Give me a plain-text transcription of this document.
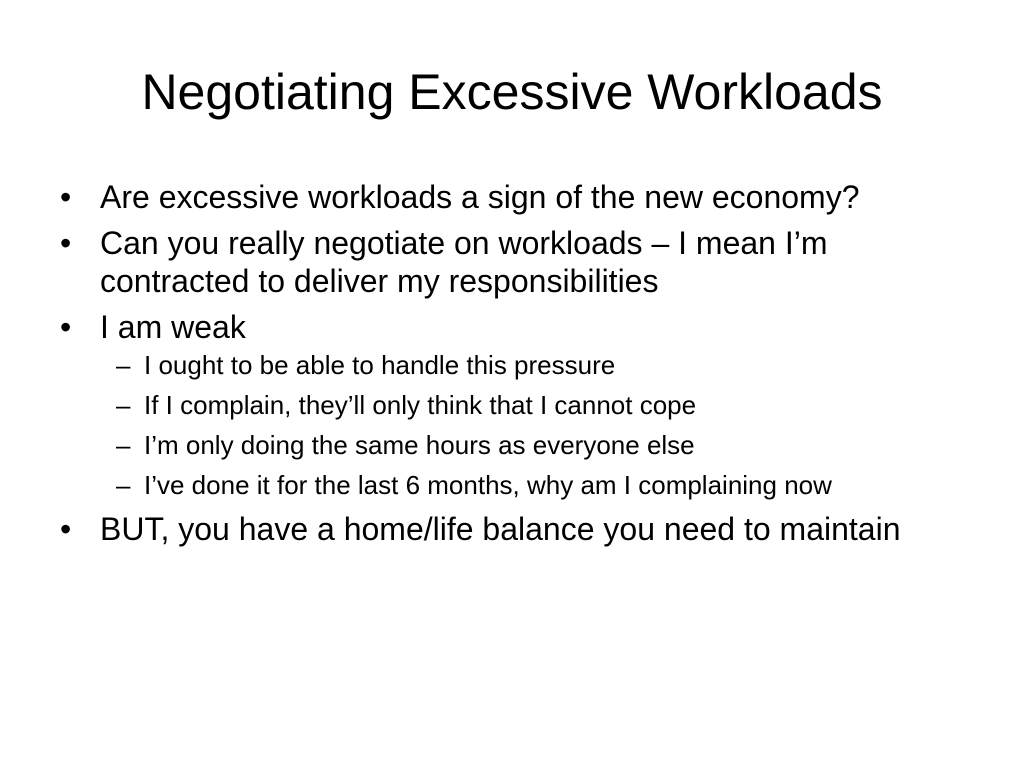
Negotiating Excessive Workloads
• Are excessive workloads a sign of the new economy?
• Can you really negotiate on workloads – I mean I’m contracted to deliver my responsibilities
• I am weak
– I ought to be able to handle this pressure
– If I complain, they’ll only think that I cannot cope
– I’m only doing the same hours as everyone else
– I’ve done it for the last 6 months, why am I complaining now
• BUT, you have a home/life balance you need to maintain
